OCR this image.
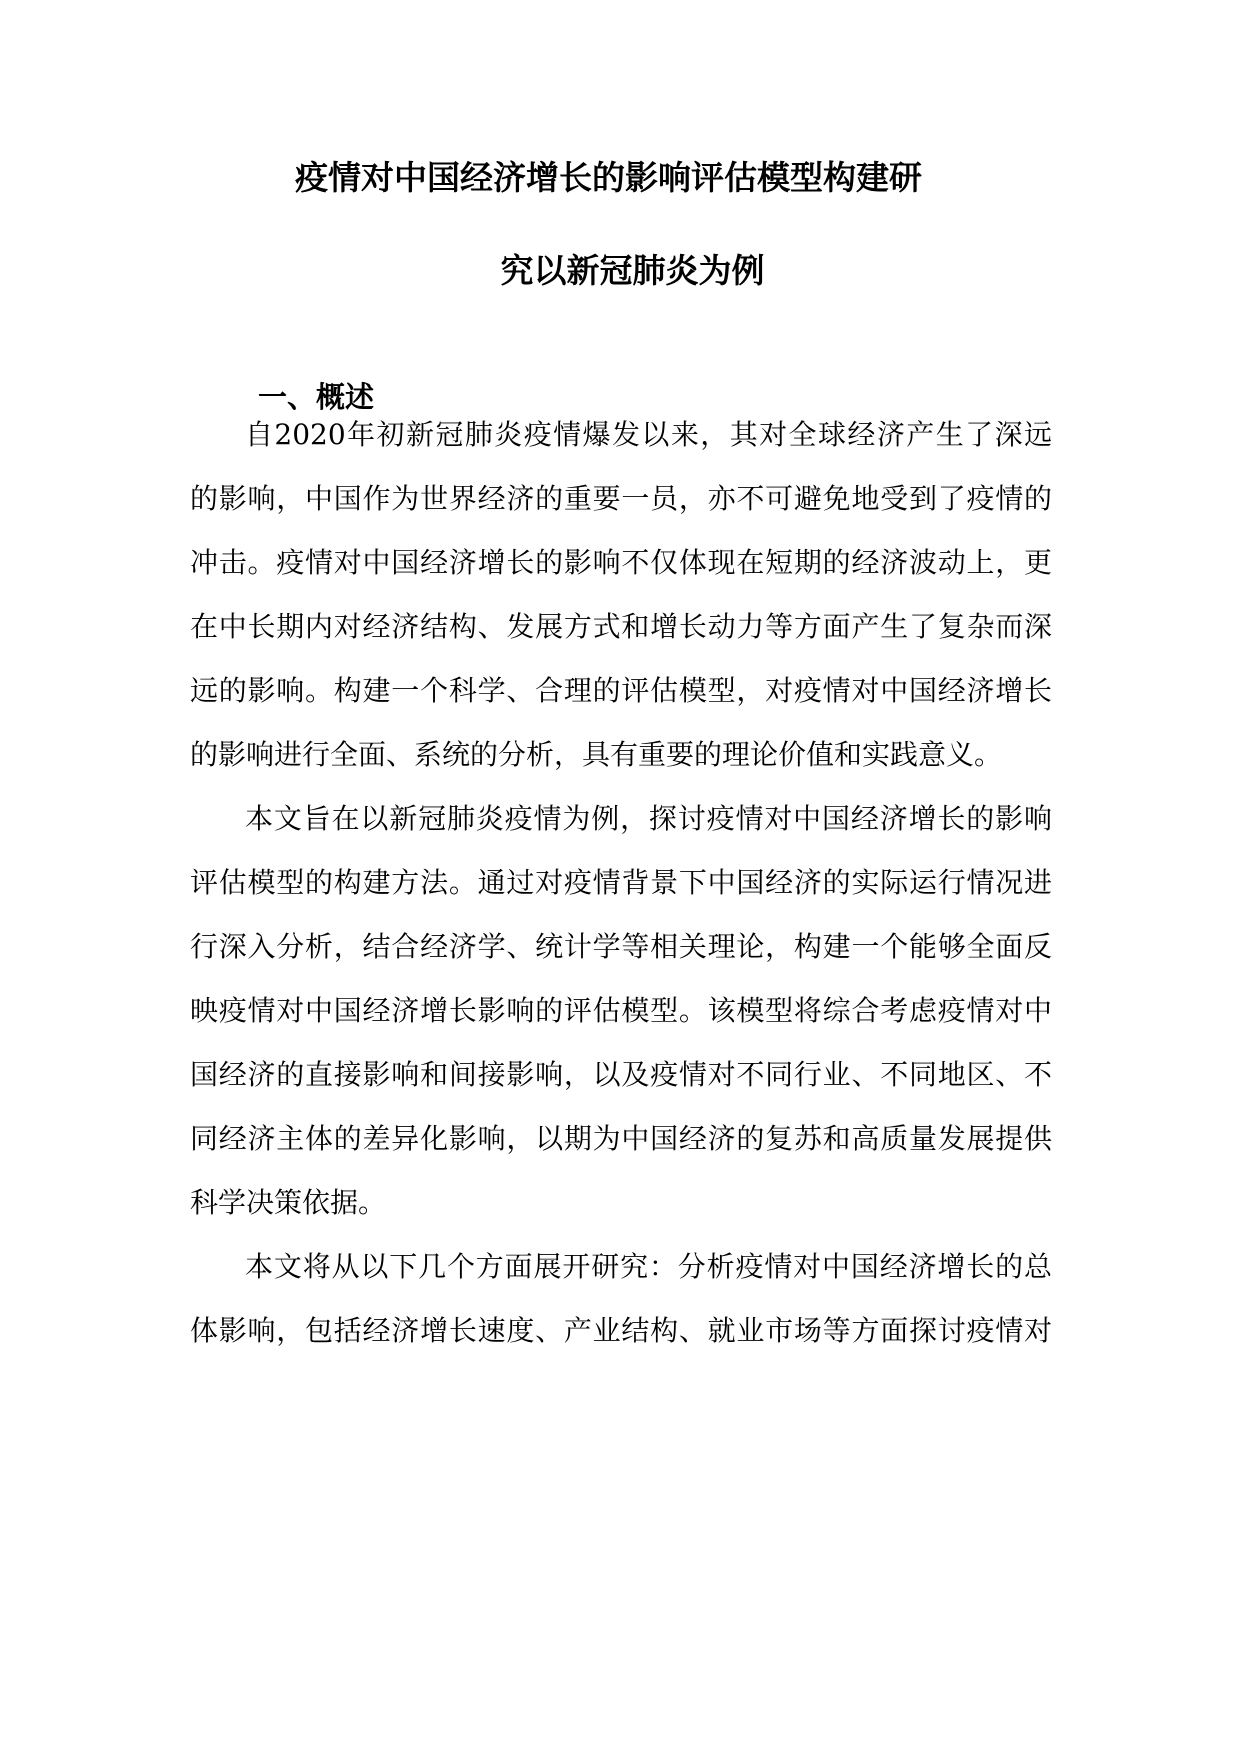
疫情对中国经济增长的影响评估模型构建研
究以新冠肺炎为例
一、概述
自2020年初新冠肺炎疫情爆发以来，其对全球经济产生了深远
的影响，中国作为世界经济的重要一员，亦不可避免地受到了疫情的
冲击。疫情对中国经济增长的影响不仅体现在短期的经济波动上，更
在中长期内对经济结构、发展方式和增长动力等方面产生了复杂而深
远的影响。构建一个科学、合理的评估模型，对疫情对中国经济增长
的影响进行全面、系统的分析，具有重要的理论价值和实践意义。
本文旨在以新冠肺炎疫情为例，探讨疫情对中国经济增长的影响
评估模型的构建方法。通过对疫情背景下中国经济的实际运行情况进
行深入分析，结合经济学、统计学等相关理论，构建一个能够全面反
映疫情对中国经济增长影响的评估模型。该模型将综合考虑疫情对中
国经济的直接影响和间接影响，以及疫情对不同行业、不同地区、不
同经济主体的差异化影响，以期为中国经济的复苏和高质量发展提供
科学决策依据。
本文将从以下几个方面展开研究：分析疫情对中国经济增长的总
体影响，包括经济增长速度、产业结构、就业市场等方面探讨疫情对
